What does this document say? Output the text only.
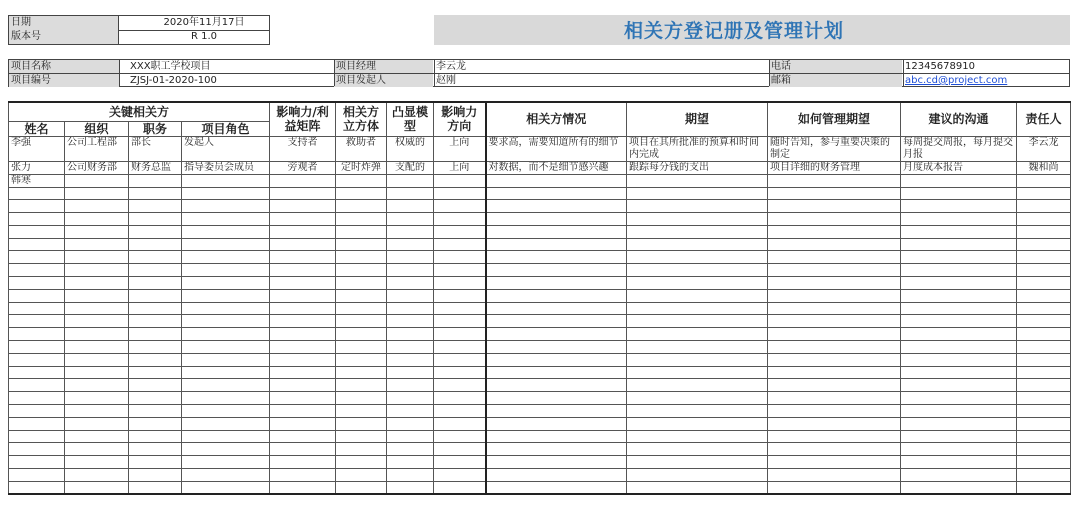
日期	2020年11月17日
版本号	R 1.0	相关方登记册及管理计划
项目名称	XXX职工学校项目	项目经理	李云龙	电话	12345678910
项目编号	ZJSJ-01-2020-100	项目发起人	赵刚	邮箱	abc.cd@project.com
关键相关方				影响力/利益矩阵	相关方立方体	凸显模型	影响力方向	相关方情况	期望	如何管理期望	建议的沟通	责任人
姓名	组织	职务	项目角色									
李强	公司工程部	部长	发起人	支持者	救助者	权威的	上向	要求高，需要知道所有的细节	项目在其所批准的预算和时间内完成	随时告知，参与重要决策的制定	每周提交周报，每月提交月报	李云龙
张力	公司财务部	财务总监	指导委员会成员	旁观者	定时炸弹	支配的	上向	对数据，而不是细节感兴趣	跟踪每分钱的支出	项目详细的财务管理	月度成本报告	魏和尚
韩寒												
